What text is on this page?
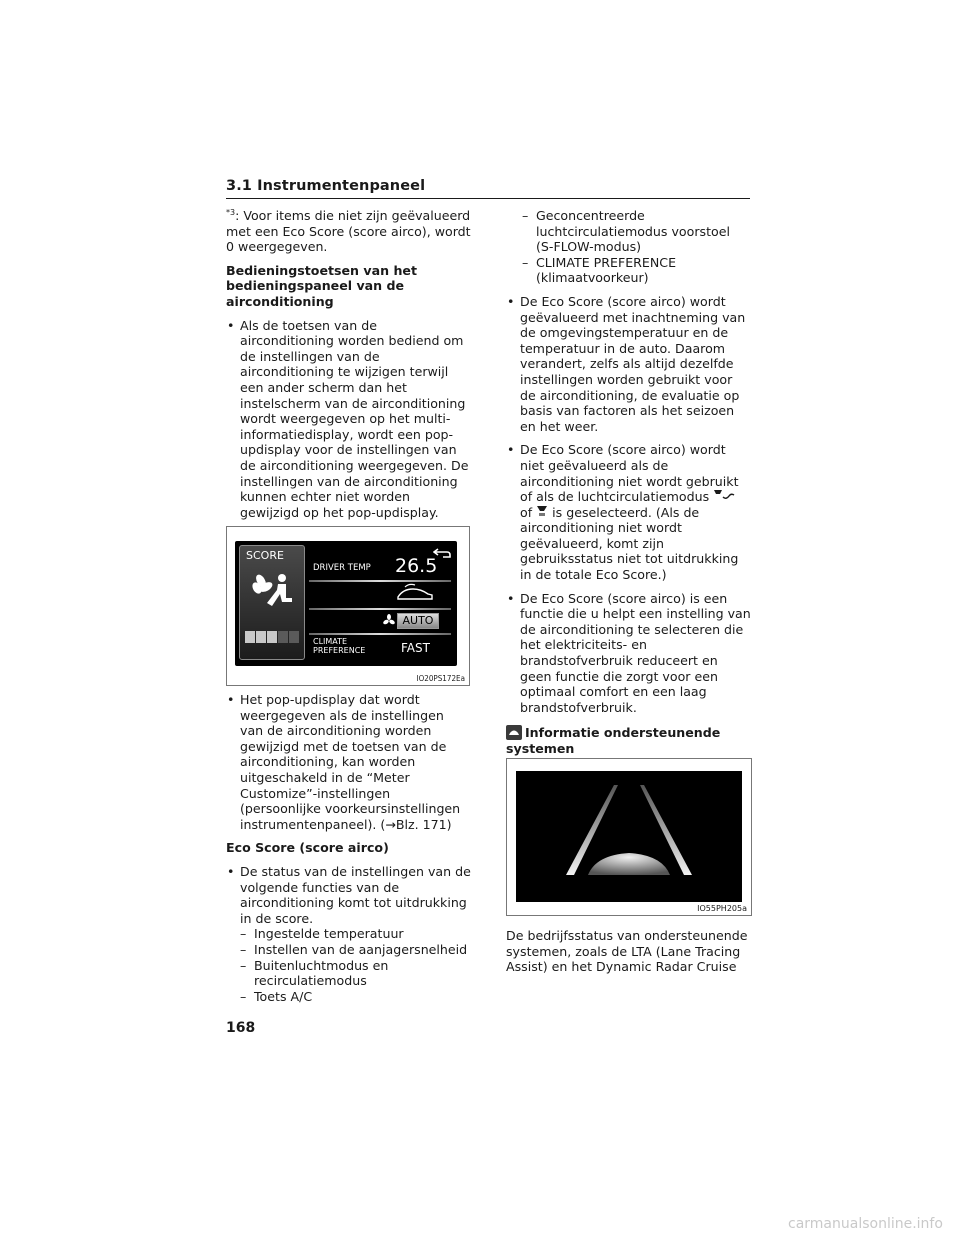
3.1 Instrumentenpaneel

$^{*3}$: Voor items die niet zijn geëvalueerd met een Eco Score (score airco), wordt 0 weergegeven.

Bedieningstoetsen van het bedieningspaneel van de airconditioning

• Als de toetsen van de airconditioning worden bediend om de instellingen van de airconditioning te wijzigen terwijl een ander scherm dan het instelscherm van de airconditioning wordt weergegeven op het multi-informatiedisplay, wordt een pop-updisplay voor de instellingen van de airconditioning weergegeven. De instellingen van de airconditioning kunnen echter niet worden gewijzigd op het pop-updisplay.
SCORE
DRIVER TEMP 26.5
AUTO
CLIMATE
PREFERENCE	FAST
IO20PS172Ea
• Het pop-updisplay dat wordt weergegeven als de instellingen van de airconditioning worden gewijzigd met de toetsen van de airconditioning, kan worden uitgeschakeld in de “Meter Customize”-instellingen (persoonlijke voorkeursinstellingen instrumentenpaneel). (→Blz. 171)

Eco Score (score airco)

• De status van de instellingen van de volgende functies van de airconditioning komt tot uitdrukking in de score.
– Ingestelde temperatuur
– Instellen van de aanjagersnelheid
– Buitenluchtmodus en recirculatiemodus
– Toets A/C
– Geconcentreerde luchtcirculatiemodus voorstoel (S-FLOW-modus)
– CLIMATE PREFERENCE (klimaatvoorkeur)
• De Eco Score (score airco) wordt geëvalueerd met inachtneming van de omgevingstemperatuur en de temperatuur in de auto. Daarom verandert, zelfs als altijd dezelfde instellingen worden gebruikt voor de airconditioning, de evaluatie op basis van factoren als het seizoen en het weer.
• De Eco Score (score airco) wordt niet geëvalueerd als de airconditioning niet wordt gebruikt of als de luchtcirculatiemodus  of is geselecteerd. (Als de airconditioning niet wordt geëvalueerd, komt zijn gebruiksstatus niet tot uitdrukking in de totale Eco Score.)
• De Eco Score (score airco) is een functie die u helpt een instelling van de airconditioning te selecteren die het elektriciteits- en brandstofverbruik reduceert en geen functie die zorgt voor een optimaal comfort en een laag brandstofverbruik.

Informatie ondersteunende systemen

IO55PH205a

De bedrijfsstatus van ondersteunende systemen, zoals de LTA (Lane Tracing Assist) en het Dynamic Radar Cruise

168
carmanualsonline.info
